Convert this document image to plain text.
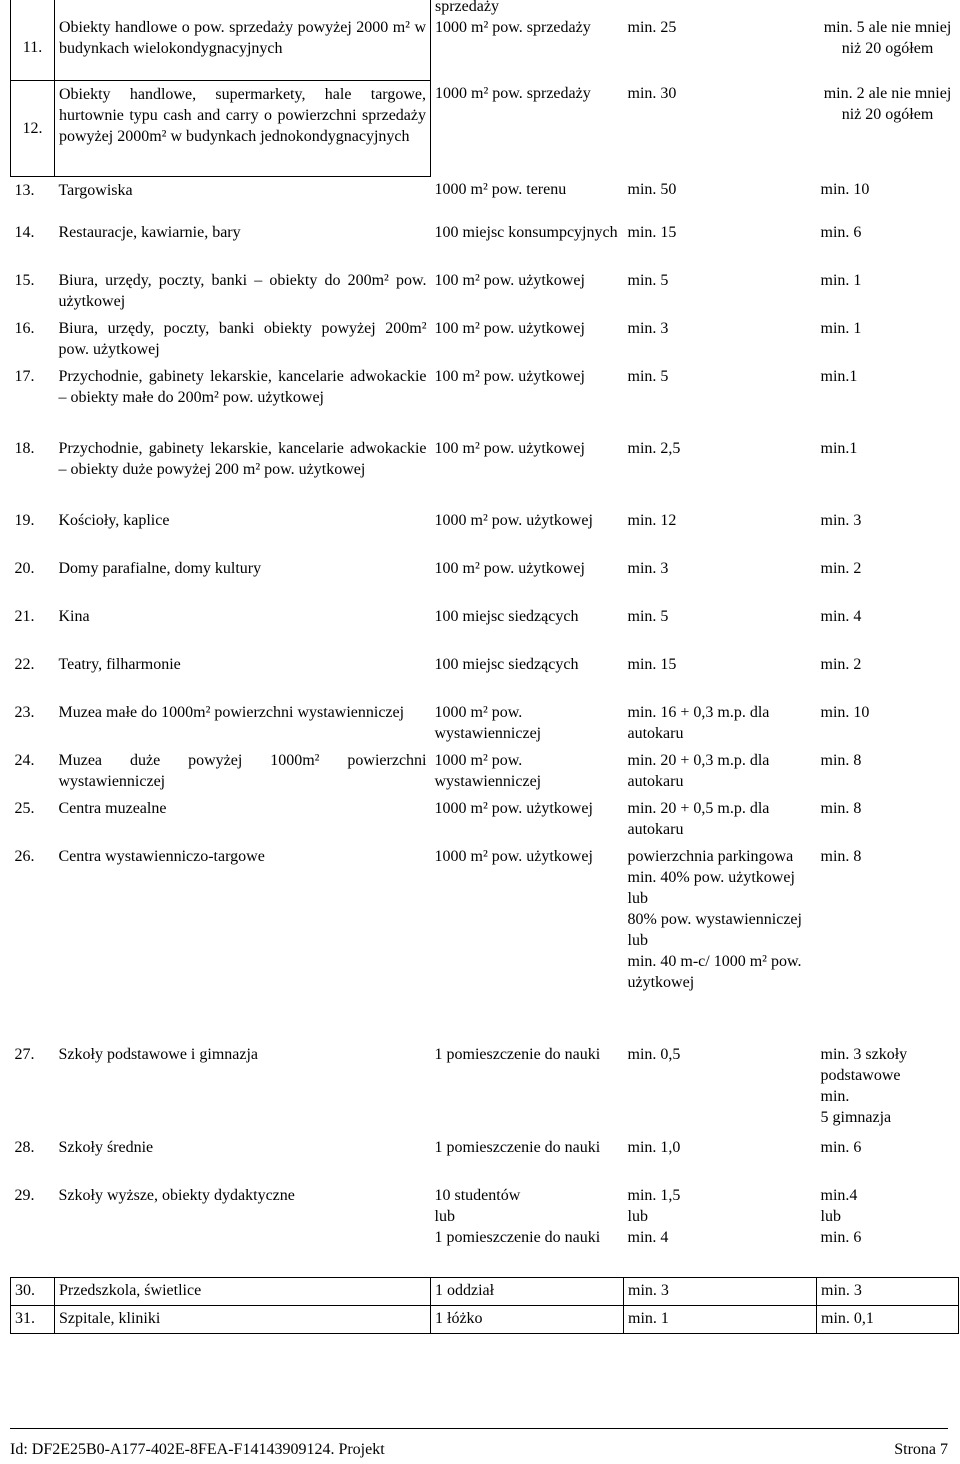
		sprzedaży		

11.	Obiekty handlowe o pow. sprzedaży powyżej 2000 m² w budynkach wielokondygnacyjnych	1000 m² pow. sprzedaży	min. 25	min. 5 ale nie mniej niż 20 ogółem

12.	Obiekty handlowe, supermarkety, hale targowe, hurtownie typu cash and carry o powierzchni sprzedaży powyżej 2000m² w budynkach jednokondygnacyjnych	1000 m² pow. sprzedaży	min. 30	min. 2 ale nie mniej niż 20 ogółem

13.	Targowiska	1000 m² pow. terenu	min. 50	min. 10

14.	Restauracje, kawiarnie, bary	100 miejsc konsumpcyjnych	min. 15	min. 6

15.	Biura, urzędy, poczty, banki – obiekty do 200m² pow. użytkowej	100 m² pow. użytkowej	min. 5	min. 1

16.	Biura, urzędy, poczty, banki obiekty powyżej 200m² pow. użytkowej	100 m² pow. użytkowej	min. 3	min. 1

17.	Przychodnie, gabinety lekarskie, kancelarie adwokackie – obiekty małe do 200m² pow. użytkowej	100 m² pow. użytkowej	min. 5	min.1

18.	Przychodnie, gabinety lekarskie, kancelarie adwokackie – obiekty duże powyżej 200 m² pow. użytkowej	100 m² pow. użytkowej	min. 2,5	min.1

19.	Kościoły, kaplice	1000 m² pow. użytkowej	min. 12	min. 3

20.	Domy parafialne, domy kultury	100 m² pow. użytkowej	min. 3	min. 2

21.	Kina	100 miejsc siedzących	min. 5	min. 4

22.	Teatry, filharmonie	100 miejsc siedzących	min. 15	min. 2

23.	Muzea małe do 1000m² powierzchni wystawienniczej	1000 m² pow. wystawienniczej	min. 16 + 0,3 m.p. dla autokaru	min. 10

24.	Muzea duże powyżej 1000m² powierzchni wystawienniczej	1000 m² pow. wystawienniczej	min. 20 + 0,3 m.p. dla autokaru	min. 8

25.	Centra muzealne	1000 m² pow. użytkowej	min. 20 + 0,5 m.p. dla autokaru	min. 8

26.	Centra wystawienniczo-targowe	1000 m² pow. użytkowej	powierzchnia parkingowa min. 40% pow. użytkowej
lub
80% pow. wystawienniczej
lub
min. 40 m-c/ 1000 m² pow. użytkowej	min. 8

27.	Szkoły podstawowe i gimnazja	1 pomieszczenie do nauki	min. 0,5	min. 3 szkoły podstawowe
min.
5 gimnazja

28.	Szkoły średnie	1 pomieszczenie do nauki	min. 1,0	min. 6

29.	Szkoły wyższe, obiekty dydaktyczne	10 studentów
lub
1 pomieszczenie do nauki	min. 1,5
lub
min. 4	min.4
lub
min. 6

30.	Przedszkola, świetlice	1 oddział	min. 3	min. 3

31.	Szpitale, kliniki	1 łóżko	min. 1	min. 0,1
Id: DF2E25B0-A177-402E-8FEA-F14143909124. Projekt	Strona 7
